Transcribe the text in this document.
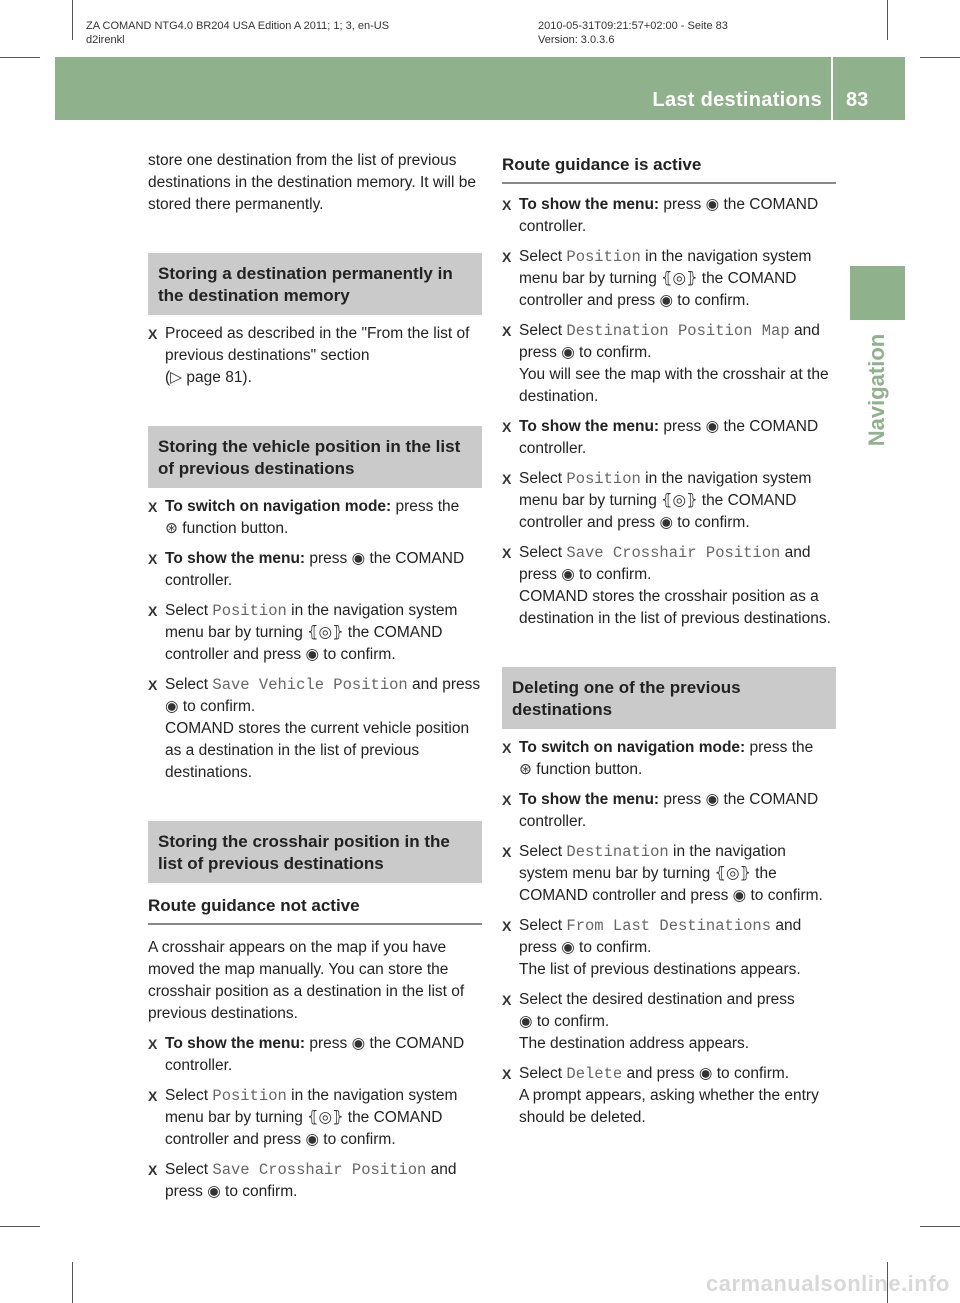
ZA COMAND NTG4.0 BR204 USA Edition A 2011; 1; 3, en-US
d2irenkl
2010-05-31T09:21:57+02:00 - Seite 83
Version: 3.0.3.6
Last destinations 83
Navigation

store one destination from the list of previous destinations in the destination memory. It will be stored there permanently.

Storing a destination permanently in the destination memory
X Proceed as described in the "From the list of previous destinations" section
(▷ page 81).
Storing the vehicle position in the list of previous destinations
X To switch on navigation mode: press the
⊛ function button.
X To show the menu: press ◉ the COMAND controller.
X Select Position in the navigation system menu bar by turning ⦃◎⦄ the COMAND controller and press ◉ to confirm.
X Select Save Vehicle Position and press
◉ to confirm.
COMAND stores the current vehicle position as a destination in the list of previous destinations.
Storing the crosshair position in the list of previous destinations
Route guidance not active

A crosshair appears on the map if you have moved the map manually. You can store the crosshair position as a destination in the list of previous destinations.

X To show the menu: press ◉ the COMAND controller.
X Select Position in the navigation system menu bar by turning ⦃◎⦄ the COMAND controller and press ◉ to confirm.
X Select Save Crosshair Position and press ◉ to confirm.
Route guidance is active
X To show the menu: press ◉ the COMAND controller.
X Select Position in the navigation system menu bar by turning ⦃◎⦄ the COMAND controller and press ◉ to confirm.
X Select Destination Position Map and press ◉ to confirm.
You will see the map with the crosshair at the destination.
X To show the menu: press ◉ the COMAND controller.
X Select Position in the navigation system menu bar by turning ⦃◎⦄ the COMAND controller and press ◉ to confirm.
X Select Save Crosshair Position and press ◉ to confirm.
COMAND stores the crosshair position as a destination in the list of previous destinations.
Deleting one of the previous destinations
X To switch on navigation mode: press the
⊛ function button.
X To show the menu: press ◉ the COMAND controller.
X Select Destination in the navigation system menu bar by turning ⦃◎⦄ the COMAND controller and press ◉ to confirm.
X Select From Last Destinations and press ◉ to confirm.
The list of previous destinations appears.
X Select the desired destination and press
◉ to confirm.
The destination address appears.
X Select Delete and press ◉ to confirm.
A prompt appears, asking whether the entry should be deleted.
carmanualsonline.info
